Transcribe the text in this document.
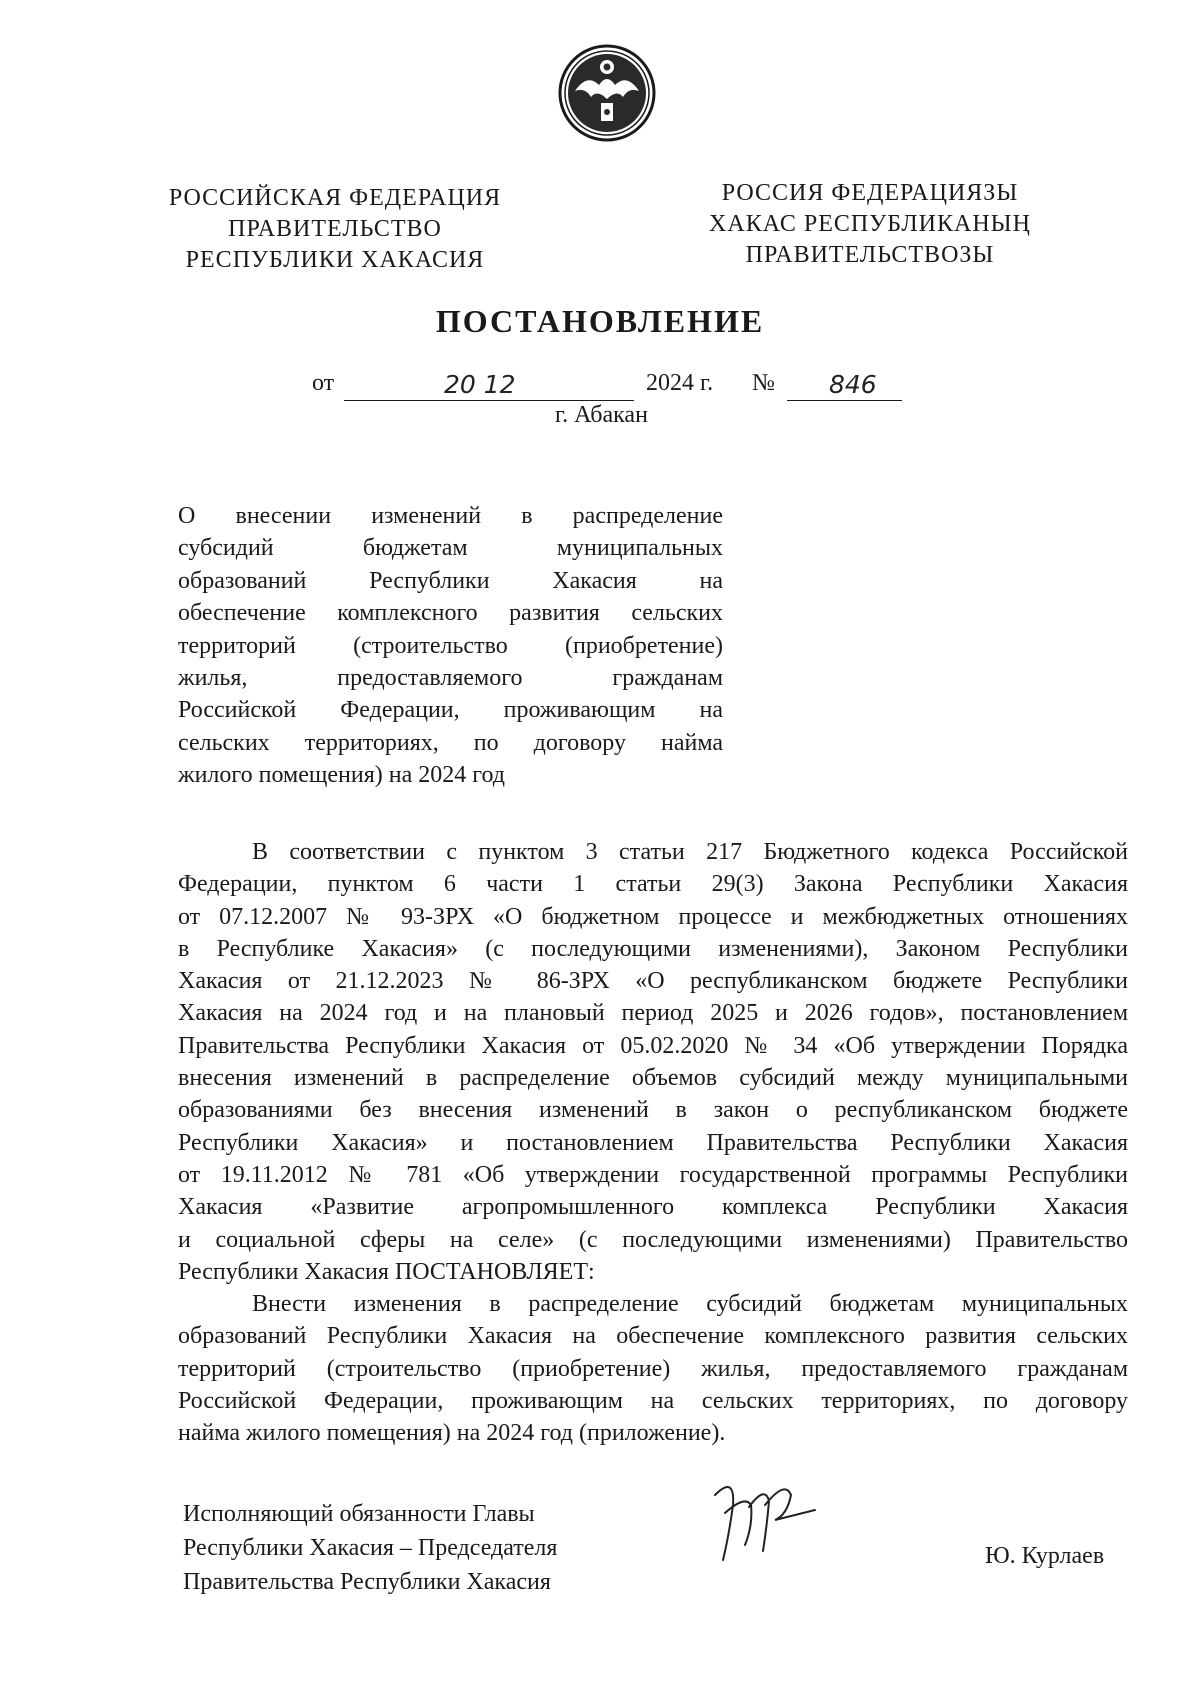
РОССИЙСКАЯ ФЕДЕРАЦИЯ
ПРАВИТЕЛЬСТВО
РЕСПУБЛИКИ ХАКАСИЯ
РОССИЯ ФЕДЕРАЦИЯЗЫ
ХАКАС РЕСПУБЛИКАНЫҢ
ПРАВИТЕЛЬСТВОЗЫ
ПОСТАНОВЛЕНИЕ
от	20 12	2024 г. № 846
г. Абакан
О внесении изменений в распределение
субсидий бюджетам муниципальных
образований Республики Хакасия на
обеспечение комплексного развития сельских
территорий (строительство (приобретение)
жилья, предоставляемого гражданам
Российской Федерации, проживающим на
сельских территориях, по договору найма
жилого помещения) на 2024 год
В соответствии с пунктом 3 статьи 217 Бюджетного кодекса Российской
Федерации, пунктом 6 части 1 статьи 29(3) Закона Республики Хакасия
от 07.12.2007 № 93-ЗРХ «О бюджетном процессе и межбюджетных отношениях
в Республике Хакасия» (с последующими изменениями), Законом Республики
Хакасия от 21.12.2023 № 86-ЗРХ «О республиканском бюджете Республики
Хакасия на 2024 год и на плановый период 2025 и 2026 годов», постановлением
Правительства Республики Хакасия от 05.02.2020 № 34 «Об утверждении Порядка
внесения изменений в распределение объемов субсидий между муниципальными
образованиями без внесения изменений в закон о республиканском бюджете
Республики Хакасия» и постановлением Правительства Республики Хакасия
от 19.11.2012 № 781 «Об утверждении государственной программы Республики
Хакасия «Развитие агропромышленного комплекса Республики Хакасия
и социальной сферы на селе» (с последующими изменениями) Правительство
Республики Хакасия ПОСТАНОВЛЯЕТ:
Внести изменения в распределение субсидий бюджетам муниципальных
образований Республики Хакасия на обеспечение комплексного развития сельских
территорий (строительство (приобретение) жилья, предоставляемого гражданам
Российской Федерации, проживающим на сельских территориях, по договору
найма жилого помещения) на 2024 год (приложение).
Исполняющий обязанности Главы
Республики Хакасия – Председателя
Правительства Республики Хакасия
Ю. Курлаев
